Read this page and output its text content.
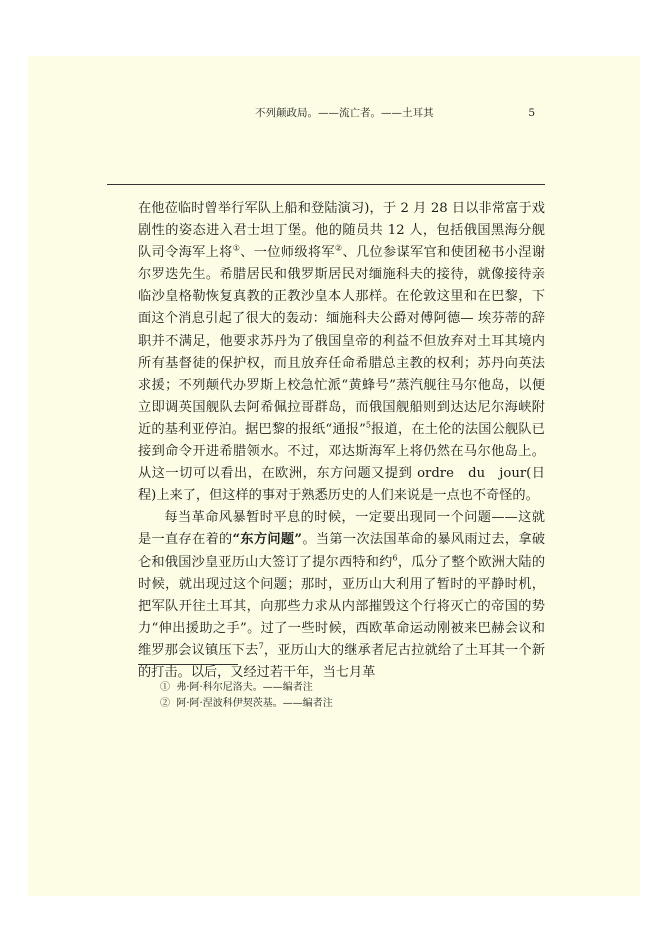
不列颠政局。——流亡者。——土耳其	5

在他莅临时曾举行军队上船和登陆演习)，于 2 月 28 日以非常富于戏剧性的姿态进入君士坦丁堡。他的随员共 12 人，包括俄国黑海分舰队司令海军上将①、一位师级将军②、几位参谋军官和使团秘书小涅谢尔罗迭先生。希腊居民和俄罗斯居民对缅施科夫的接待，就像接待亲临沙皇格勒恢复真教的正教沙皇本人那样。在伦敦这里和在巴黎，下面这个消息引起了很大的轰动：缅施科夫公爵对傅阿德— 埃芬蒂的辞职并不满足，他要求苏丹为了俄国皇帝的利益不但放弃对土耳其境内所有基督徒的保护权，而且放弃任命希腊总主教的权利；苏丹向英法求援；不列颠代办罗斯上校急忙派“黄蜂号”蒸汽舰往马尔他岛，以便立即调英国舰队去阿希佩拉哥群岛，而俄国舰船则到达达尼尔海峡附近的基利亚停泊。据巴黎的报纸“通报”$^5$报道，在土伦的法国公舰队已接到命令开进希腊领水。不过，邓达斯海军上将仍然在马尔他岛上。从这一切可以看出，在欧洲，东方问题又提到 ordre　du　jour(日程)上来了，但这样的事对于熟悉历史的人们来说是一点也不奇怪的。

每当革命风暴暂时平息的时候，一定要出现同一个问题——这就是一直存在着的“东方问题”。当第一次法国革命的暴风雨过去，拿破仑和俄国沙皇亚历山大签订了提尔西特和约$^6$，瓜分了整个欧洲大陆的时候，就出现过这个问题；那时，亚历山大利用了暂时的平静时机，把军队开往土耳其，向那些力求从内部摧毁这个行将灭亡的帝国的势力“伸出援助之手”。过了一些时候，西欧革命运动刚被来巴赫会议和维罗那会议镇压下去$^7$，亚历山大的继承者尼古拉就给了土耳其一个新的打击。以后，又经过若干年，当七月革

① 弗·阿·科尔尼洛夫。——编者注
② 阿·阿·涅波科伊契茨基。——编者注
